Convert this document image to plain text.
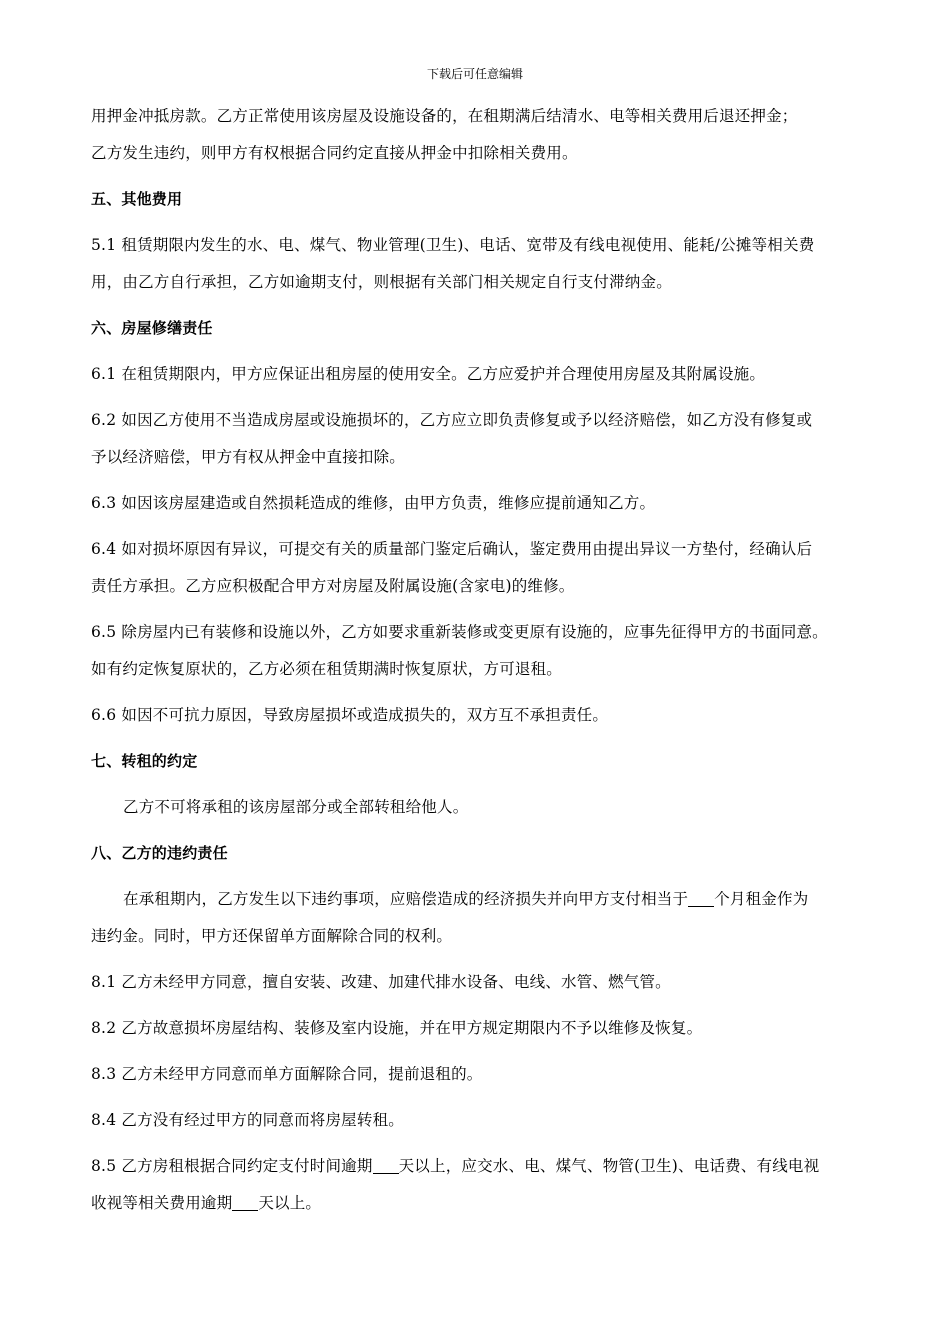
下载后可任意编辑
用押金冲抵房款。乙方正常使用该房屋及设施设备的，在租期满后结清水、电等相关费用后退还押金；
乙方发生违约，则甲方有权根据合同约定直接从押金中扣除相关费用。
五、其他费用
5.1 租赁期限内发生的水、电、煤气、物业管理(卫生)、电话、宽带及有线电视使用、能耗/公摊等相关费
用，由乙方自行承担，乙方如逾期支付，则根据有关部门相关规定自行支付滞纳金。
六、房屋修缮责任
6.1 在租赁期限内，甲方应保证出租房屋的使用安全。乙方应爱护并合理使用房屋及其附属设施。
6.2 如因乙方使用不当造成房屋或设施损坏的，乙方应立即负责修复或予以经济赔偿，如乙方没有修复或
予以经济赔偿，甲方有权从押金中直接扣除。
6.3 如因该房屋建造或自然损耗造成的维修，由甲方负责，维修应提前通知乙方。
6.4 如对损坏原因有异议，可提交有关的质量部门鉴定后确认，鉴定费用由提出异议一方垫付，经确认后
责任方承担。乙方应积极配合甲方对房屋及附属设施(含家电)的维修。
6.5 除房屋内已有装修和设施以外，乙方如要求重新装修或变更原有设施的，应事先征得甲方的书面同意。
如有约定恢复原状的，乙方必须在租赁期满时恢复原状，方可退租。
6.6 如因不可抗力原因，导致房屋损坏或造成损失的，双方互不承担责任。
七、转租的约定
乙方不可将承租的该房屋部分或全部转租给他人。
八、乙方的违约责任
在承租期内，乙方发生以下违约事项，应赔偿造成的经济损失并向甲方支付相当于 个月租金作为
违约金。同时，甲方还保留单方面解除合同的权利。
8.1 乙方未经甲方同意，擅自安装、改建、加建代排水设备、电线、水管、燃气管。
8.2 乙方故意损坏房屋结构、装修及室内设施，并在甲方规定期限内不予以维修及恢复。
8.3 乙方未经甲方同意而单方面解除合同，提前退租的。
8.4 乙方没有经过甲方的同意而将房屋转租。
8.5 乙方房租根据合同约定支付时间逾期 天以上，应交水、电、煤气、物管(卫生)、电话费、有线电视
收视等相关费用逾期 天以上。
